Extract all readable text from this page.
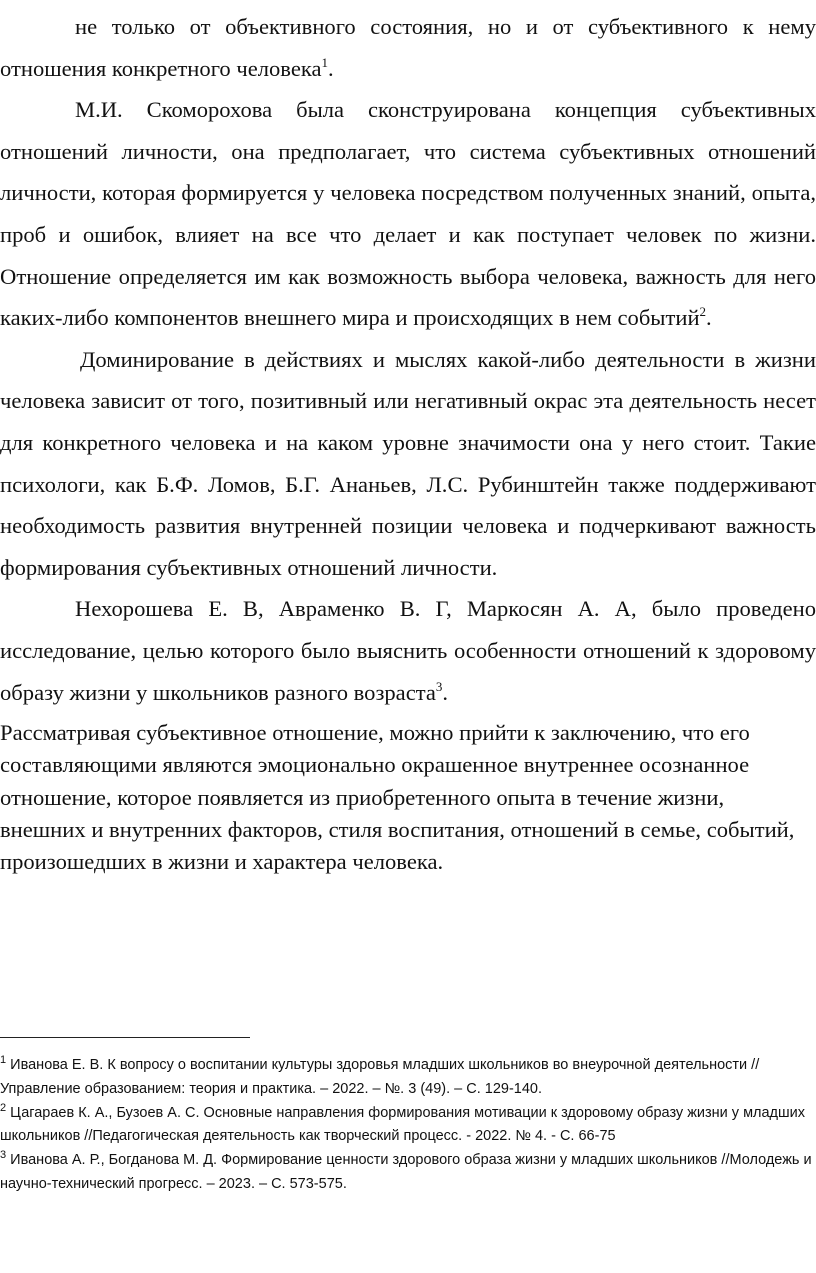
не только от объективного состояния, но и от субъективного к нему отношения конкретного человека$^1$.

М.И. Скоморохова была сконструирована концепция субъективных отношений личности, она предполагает, что система субъективных отношений личности, которая формируется у человека посредством полученных знаний, опыта, проб и ошибок, влияет на все что делает и как поступает человек по жизни. Отношение определяется им как возможность выбора человека, важность для него каких-либо компонентов внешнего мира и происходящих в нем событий$^2$.

Доминирование в действиях и мыслях какой-либо деятельности в жизни человека зависит от того, позитивный или негативный окрас эта деятельность несет для конкретного человека и на каком уровне значимости она у него стоит. Такие психологи, как Б.Ф. Ломов, Б.Г. Ананьев, Л.С. Рубинштейн также поддерживают необходимость развития внутренней позиции человека и подчеркивают важность формирования субъективных отношений личности.

Нехорошева Е. В, Авраменко В. Г, Маркосян А. А, было проведено исследование, целью которого было выяснить особенности отношений к здоровому образу жизни у школьников разного возраста$^3$.

Рассматривая субъективное отношение, можно прийти к заключению, что его составляющими являются эмоционально окрашенное внутреннее осознанное отношение, которое появляется из приобретенного опыта в течение жизни, внешних и внутренних факторов, стиля воспитания, отношений в семье, событий, произошедших в жизни и характера человека.

$^1$ Иванова Е. В. К вопросу о воспитании культуры здоровья младших школьников во внеурочной деятельности //Управление образованием: теория и практика. – 2022. – №. 3 (49). – С. 129-140.

$^2$ Цагараев К. А., Бузоев А. С. Основные направления формирования мотивации к здоровому образу жизни у младших школьников //Педагогическая деятельность как творческий процесс. - 2022. № 4. - С. 66-75

$^3$ Иванова А. Р., Богданова М. Д. Формирование ценности здорового образа жизни у младших школьников //Молодежь и научно-технический прогресс. – 2023. – С. 573-575.
